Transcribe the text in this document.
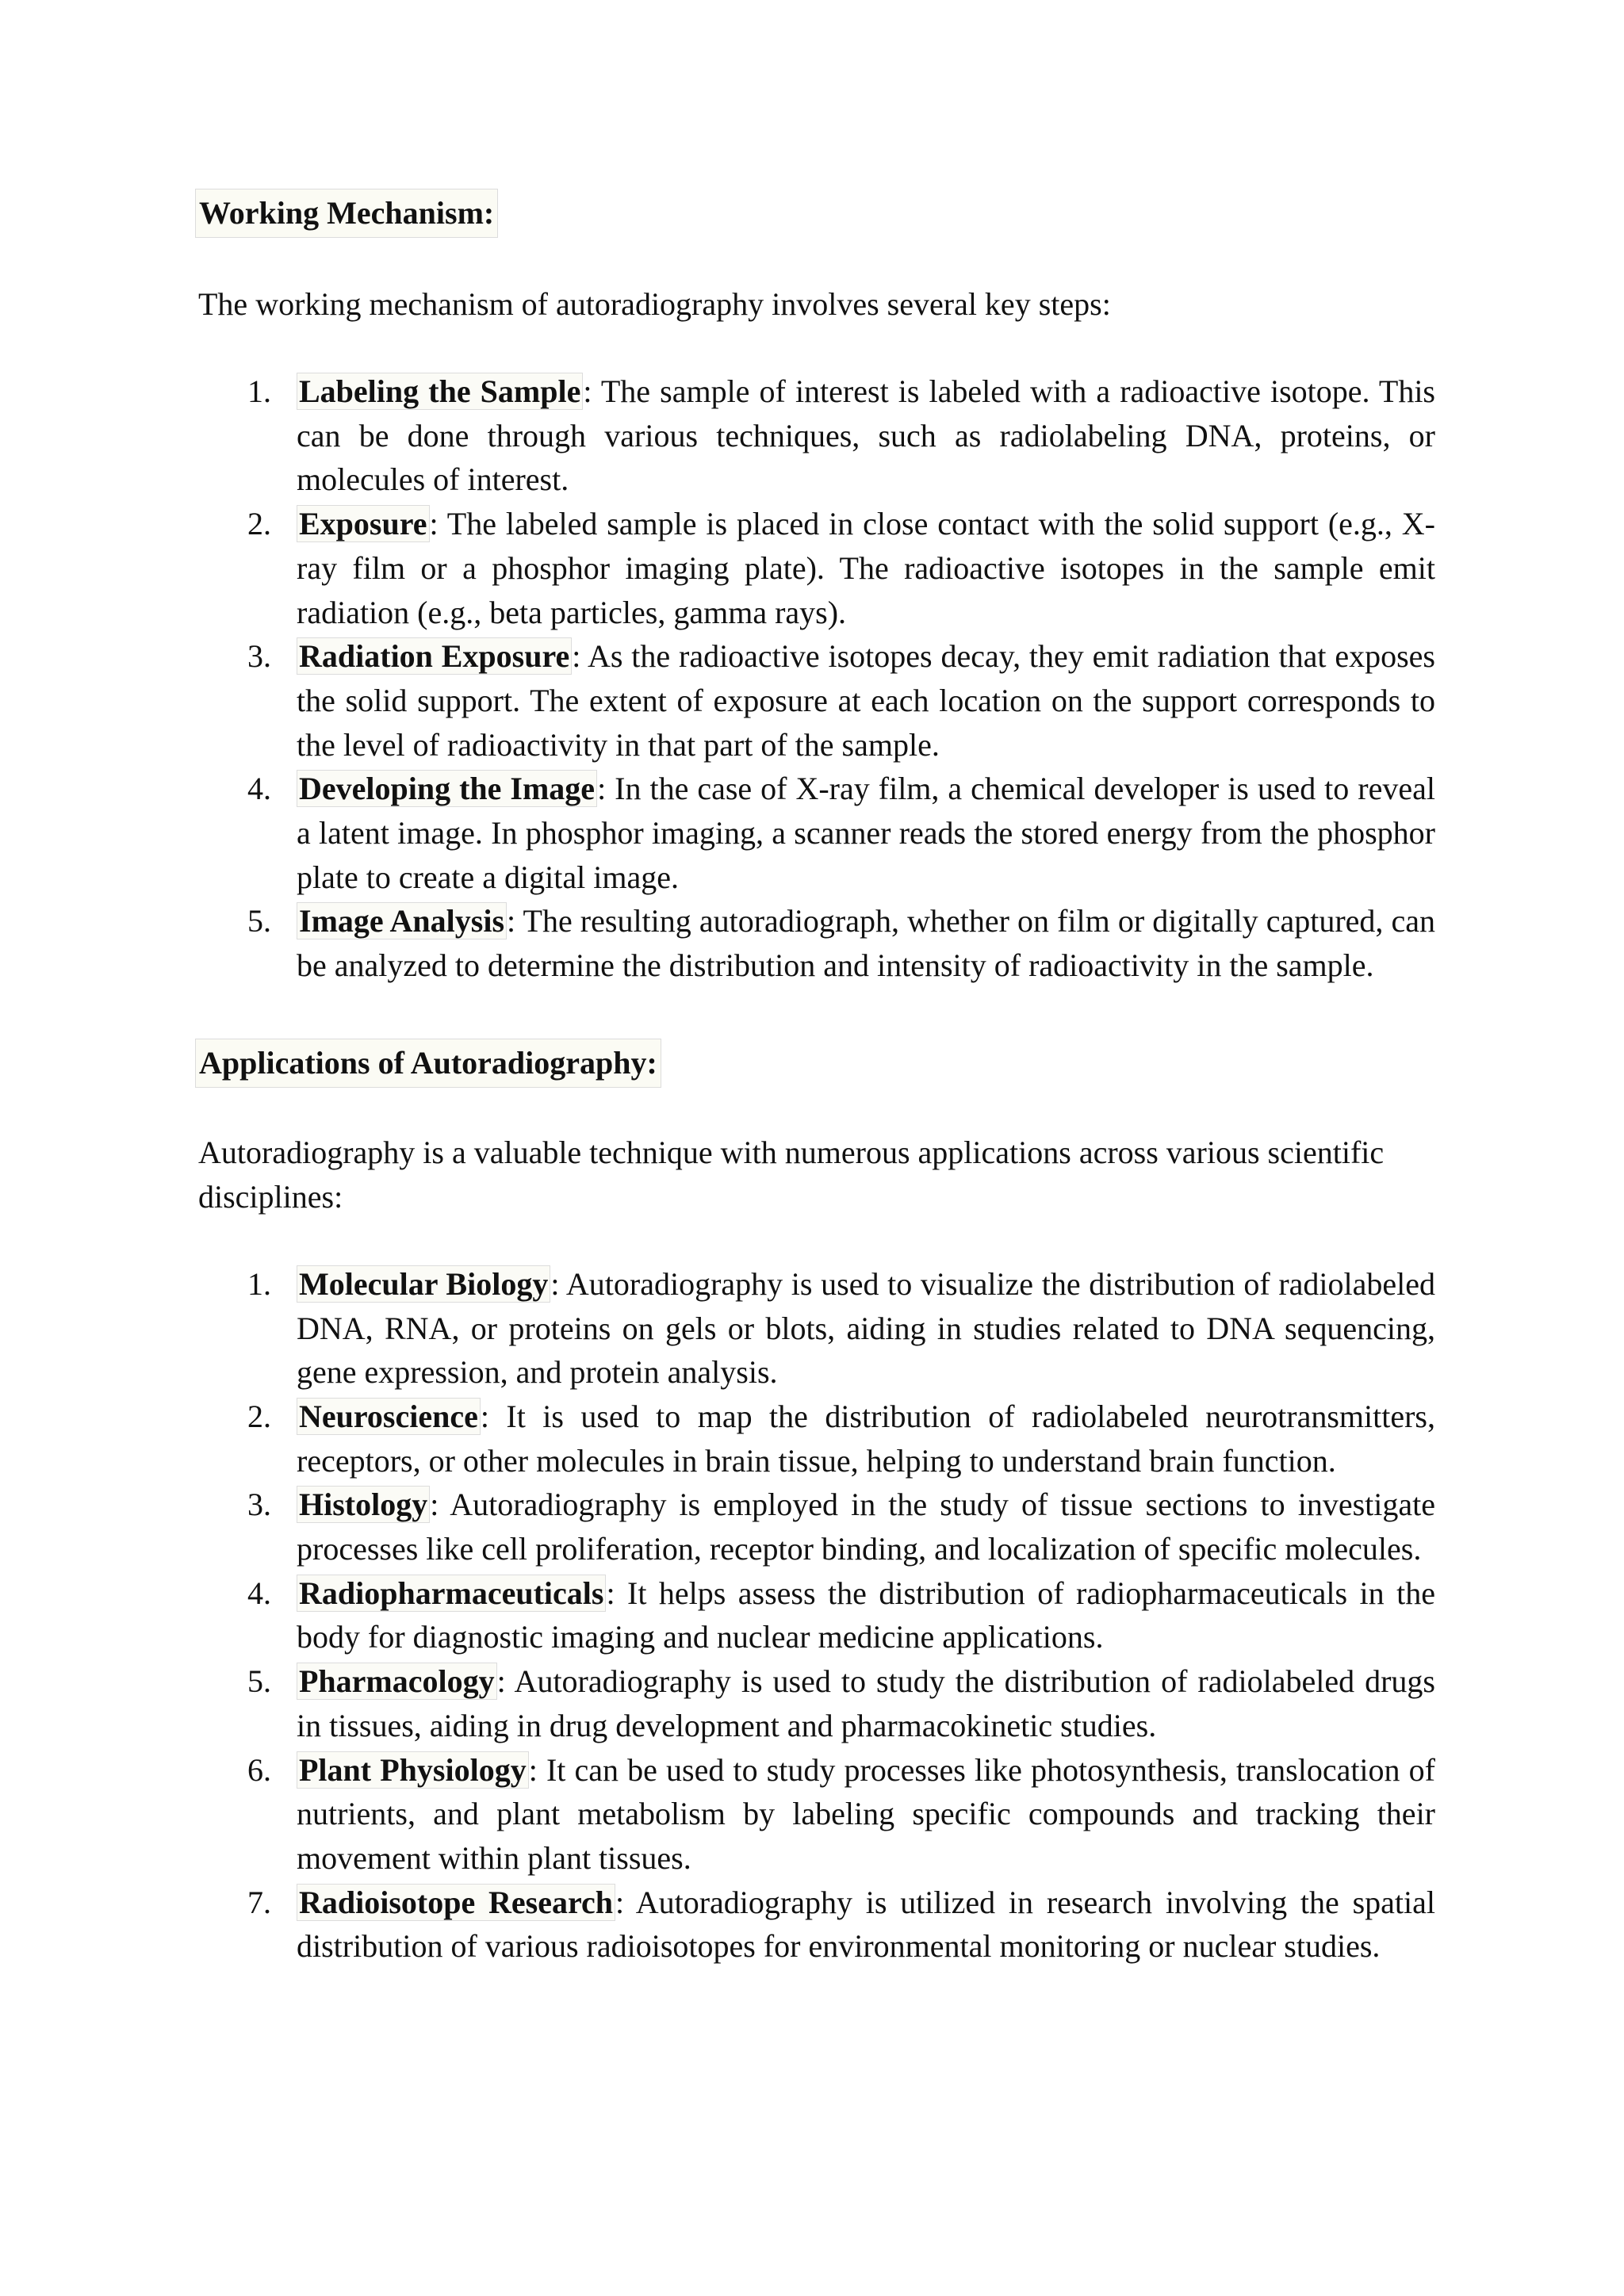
Working Mechanism:

The working mechanism of autoradiography involves several key steps:

1. Labeling the Sample: The sample of interest is labeled with a radioactive isotope. This can be done through various techniques, such as radiolabeling DNA, proteins, or molecules of interest.
2. Exposure: The labeled sample is placed in close contact with the solid support (e.g., X-ray film or a phosphor imaging plate). The radioactive isotopes in the sample emit radiation (e.g., beta particles, gamma rays).
3. Radiation Exposure: As the radioactive isotopes decay, they emit radiation that exposes the solid support. The extent of exposure at each location on the support corresponds to the level of radioactivity in that part of the sample.
4. Developing the Image: In the case of X-ray film, a chemical developer is used to reveal a latent image. In phosphor imaging, a scanner reads the stored energy from the phosphor plate to create a digital image.
5. Image Analysis: The resulting autoradiograph, whether on film or digitally captured, can be analyzed to determine the distribution and intensity of radioactivity in the sample.
Applications of Autoradiography:

Autoradiography is a valuable technique with numerous applications across various scientific disciplines:

1. Molecular Biology: Autoradiography is used to visualize the distribution of radiolabeled DNA, RNA, or proteins on gels or blots, aiding in studies related to DNA sequencing, gene expression, and protein analysis.
2. Neuroscience: It is used to map the distribution of radiolabeled neurotransmitters, receptors, or other molecules in brain tissue, helping to understand brain function.
3. Histology: Autoradiography is employed in the study of tissue sections to investigate processes like cell proliferation, receptor binding, and localization of specific molecules.
4. Radiopharmaceuticals: It helps assess the distribution of radiopharmaceuticals in the body for diagnostic imaging and nuclear medicine applications.
5. Pharmacology: Autoradiography is used to study the distribution of radiolabeled drugs in tissues, aiding in drug development and pharmacokinetic studies.
6. Plant Physiology: It can be used to study processes like photosynthesis, translocation of nutrients, and plant metabolism by labeling specific compounds and tracking their movement within plant tissues.
7. Radioisotope Research: Autoradiography is utilized in research involving the spatial distribution of various radioisotopes for environmental monitoring or nuclear studies.
